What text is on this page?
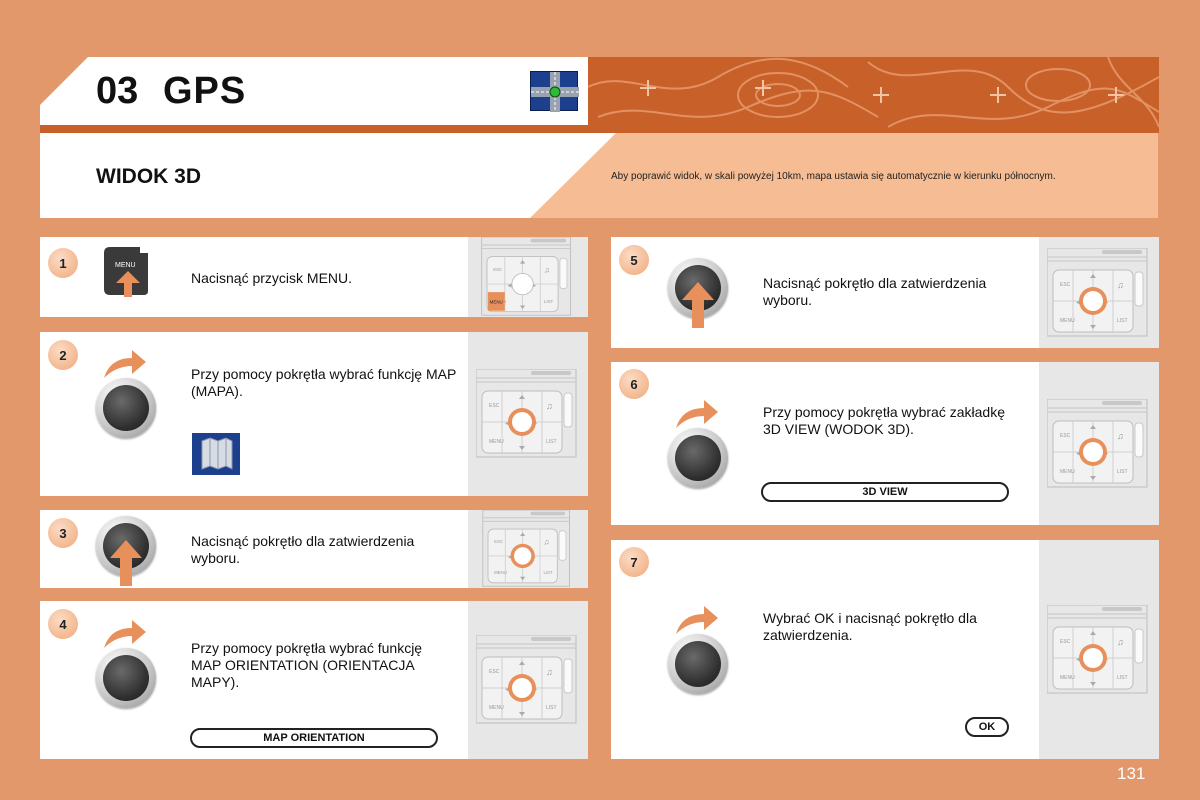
03 GPS
WIDOK 3D	Aby poprawić widok, w skali powyżej 10km, mapa ustawia się automatycznie w kierunku północnym.
MENU
1	MENU
Nacisnąć przycisk MENU.
2
Przy pomocy pokrętła wybrać funkcję MAP (MAPA).
3	Nacisnąć pokrętło dla zatwierdzenia wyboru.
4
Przy pomocy pokrętła wybrać funkcję MAP ORIENTATION (ORIENTACJA MAPY).
MAP ORIENTATION
5
Nacisnąć pokrętło dla zatwierdzenia wyboru.
6
Przy pomocy pokrętła wybrać zakładkę 3D VIEW (WODOK 3D).
3D VIEW
7
Wybrać OK i nacisnąć pokrętło dla zatwierdzenia.
OK
131
